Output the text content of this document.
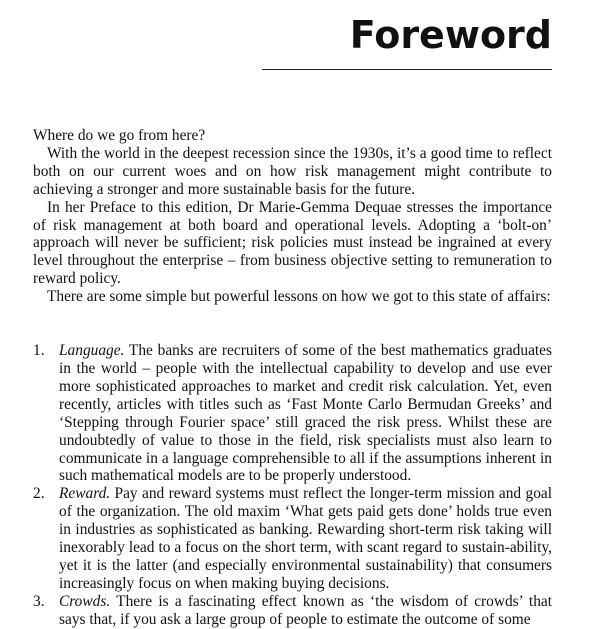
Foreword

Where do we go from here?

With the world in the deepest recession since the 1930s, it’s a good time to reflect both on our current woes and on how risk management might contribute to achieving a stronger and more sustainable basis for the future.

In her Preface to this edition, Dr Marie-Gemma Dequae stresses the importance of risk management at both board and operational levels. Adopting a ‘bolt-on’ approach will never be sufficient; risk policies must instead be ingrained at every level throughout the enterprise – from business objective setting to remuneration to reward policy.

There are some simple but powerful lessons on how we got to this state of affairs:

1. Language. The banks are recruiters of some of the best mathematics graduates in the world – people with the intellectual capability to develop and use ever more sophisticated approaches to market and credit risk calculation. Yet, even recently, articles with titles such as ‘Fast Monte Carlo Bermudan Greeks’ and ‘Stepping through Fourier space’ still graced the risk press. Whilst these are undoubtedly of value to those in the field, risk specialists must also learn to communicate in a language comprehensible to all if the assumptions inherent in such mathematical models are to be properly understood.
2. Reward. Pay and reward systems must reflect the longer-term mission and goal of the organization. The old maxim ‘What gets paid gets done’ holds true even in industries as sophisticated as banking. Rewarding short-term risk taking will inexorably lead to a focus on the short term, with scant regard to sustain-ability, yet it is the latter (and especially environmental sustainability) that consumers increasingly focus on when making buying decisions.
3. Crowds. There is a fascinating effect known as ‘the wisdom of crowds’ that says that, if you ask a large group of people to estimate the outcome of some
